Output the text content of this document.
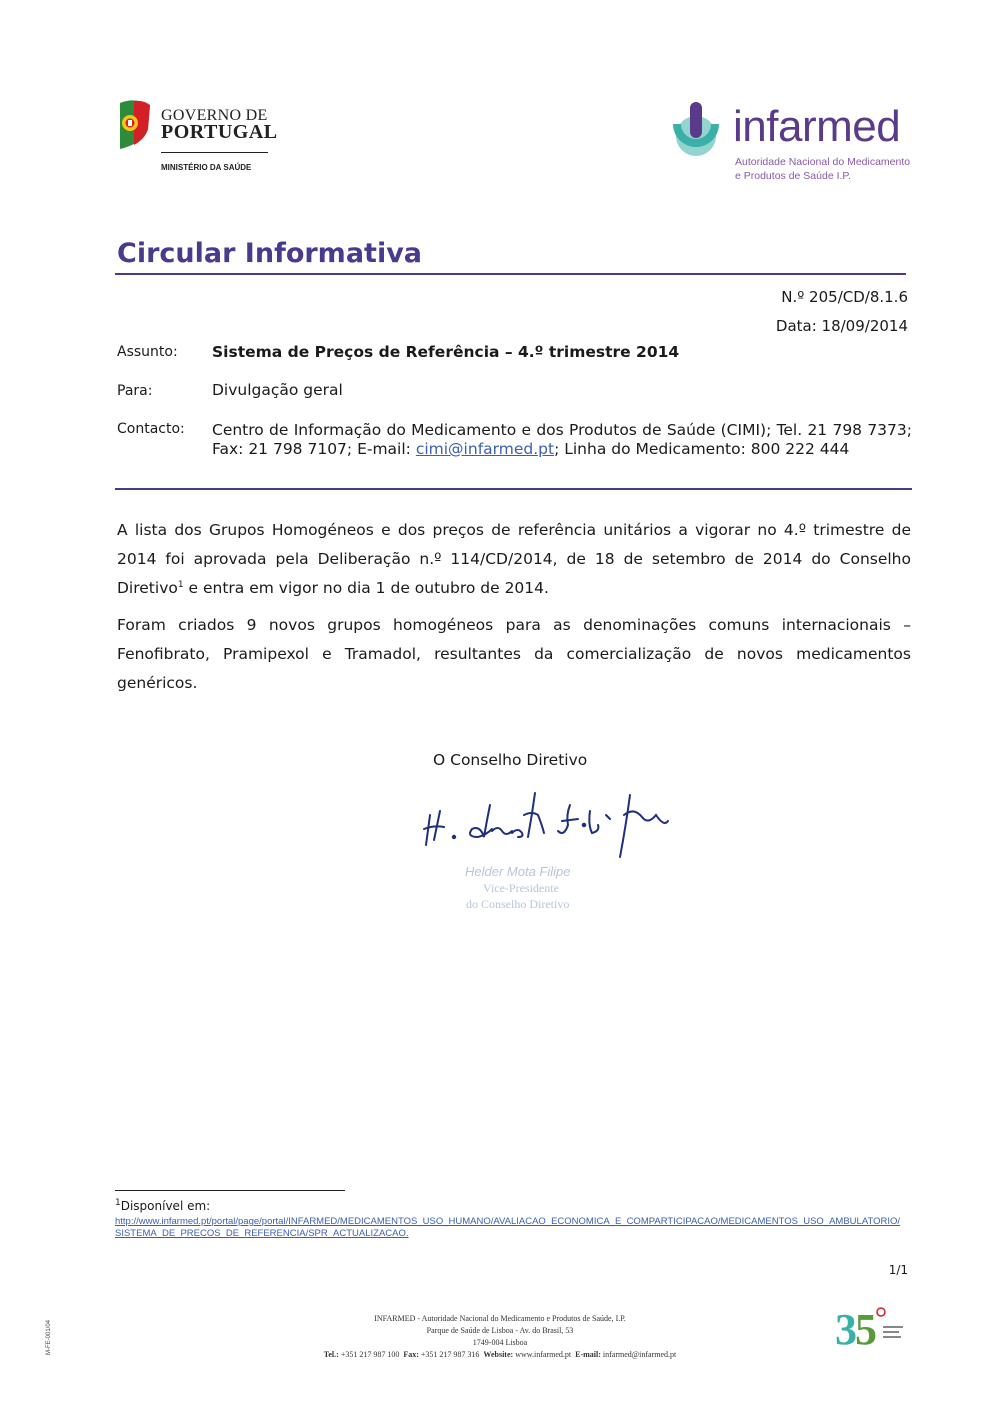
GOVERNO DE
PORTUGAL
MINISTÉRIO DA SAÚDE
infarmed
Autoridade Nacional do Medicamento
e Produtos de Saúde I.P.
Circular Informativa
N.º 205/CD/8.1.6
Data: 18/09/2014
Assunto: Sistema de Preços de Referência – 4.º trimestre 2014
Para:	Divulgação geral
Contacto: Centro de Informação do Medicamento e dos Produtos de Saúde (CIMI); Tel. 21 798 7373; Fax: 21 798 7107; E-mail: cimi@infarmed.pt; Linha do Medicamento: 800 222 444
A lista dos Grupos Homogéneos e dos preços de referência unitários a vigorar no 4.º trimestre de 2014 foi aprovada pela Deliberação n.º 114/CD/2014, de 18 de setembro de 2014 do Conselho Diretivo$^1$ e entra em vigor no dia 1 de outubro de 2014.
Foram criados 9 novos grupos homogéneos para as denominações comuns internacionais – Fenofibrato, Pramipexol e Tramadol, resultantes da comercialização de novos medicamentos genéricos.
O Conselho Diretivo
Helder Mota Filipe
Vice-Presidente
do Conselho Diretivo
$^1$Disponível em:
http://www.infarmed.pt/portal/page/portal/INFARMED/MEDICAMENTOS_USO_HUMANO/AVALIACAO_ECONOMICA_E_COMPARTICIPACAO/MEDICAMENTOS_USO_AMBULATORIO/SISTEMA_DE_PRECOS_DE_REFERENCIA/SPR_ACTUALIZACAO.
1/1
INFARMED - Autoridade Nacional do Medicamento e Produtos de Saúde, I.P.
Parque de Saúde de Lisboa - Av. do Brasil, 53
1749-004 Lisboa
Tel.: +351 217 987 100 Fax: +351 217 987 316 Website: www.infarmed.pt E-mail: infarmed@infarmed.pt
M-FE-001/04	3
5
